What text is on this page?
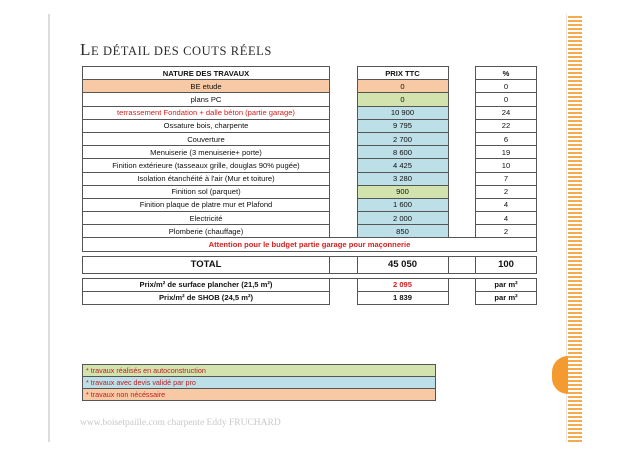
LE DÉTAIL DES COUTS RÉELS
NATURE DES TRAVAUX		PRIX TTC		%
BE etude		0		0
plans PC		0		0
terrassement Fondation + dalle béton (partie garage)		10 900		24
Ossature bois, charpente		9 795		22
Couverture		2 700		6
Menuiserie (3 menuiserie+ porte)		8 600		19
Finition extérieure (tasseaux grille, douglas 90% pugée)		4 425		10
Isolation étanchéité à l'air (Mur et toiture)		3 280		7
Finition sol (parquet)		900		2
Finition plaque de platre mur et Plafond		1 600		4
Electricité		2 000		4
Plomberie (chauffage)		850		2
Attention pour le budget partie garage pour maçonnerie				

TOTAL		45 050		100

Prix/m² de surface plancher (21,5 m²)		2 095		par m²
Prix/m² de SHOB (24,5 m²)		1 839		par m²
* travaux réalisés en autoconstruction
* travaux avec devis validé par pro
* travaux non nécéssaire
www.boisetpaille.com charpente Eddy FRUCHARD
